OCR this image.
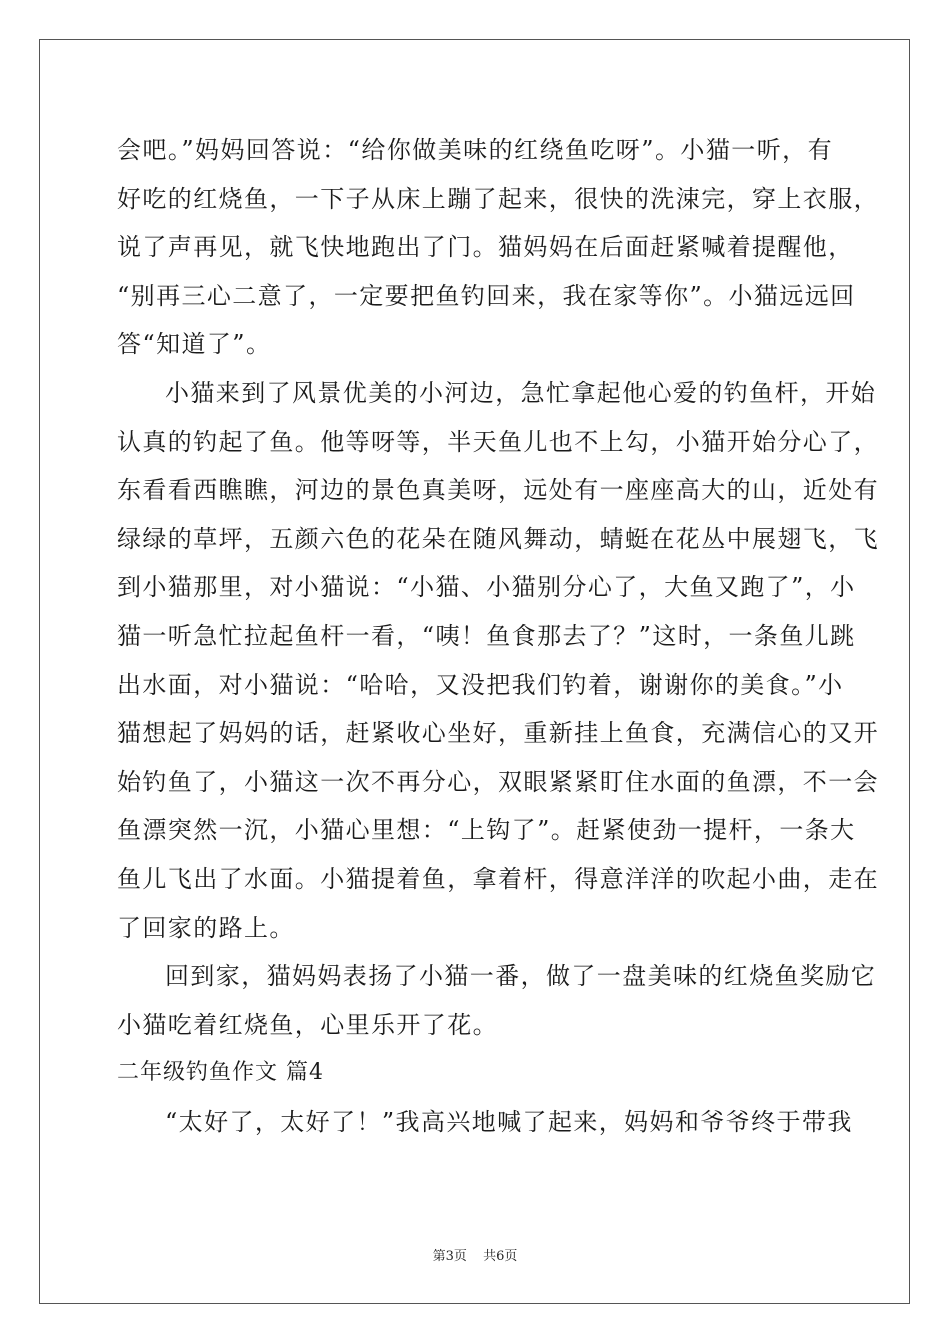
会吧。”妈妈回答说：“给你做美味的红绕鱼吃呀”。小猫一听，有
好吃的红烧鱼，一下子从床上蹦了起来，很快的洗涑完，穿上衣服，
说了声再见，就飞快地跑出了门。猫妈妈在后面赶紧喊着提醒他，
“别再三心二意了，一定要把鱼钓回来，我在家等你”。小猫远远回
答“知道了”。
小猫来到了风景优美的小河边，急忙拿起他心爱的钓鱼杆，开始
认真的钓起了鱼。他等呀等，半天鱼儿也不上勾，小猫开始分心了，
东看看西瞧瞧，河边的景色真美呀，远处有一座座高大的山，近处有
绿绿的草坪，五颜六色的花朵在随风舞动，蜻蜓在花丛中展翅飞，飞
到小猫那里，对小猫说：“小猫、小猫别分心了，大鱼又跑了”，小
猫一听急忙拉起鱼杆一看，“咦！鱼食那去了？”这时，一条鱼儿跳
出水面，对小猫说：“哈哈，又没把我们钓着，谢谢你的美食。”小
猫想起了妈妈的话，赶紧收心坐好，重新挂上鱼食，充满信心的又开
始钓鱼了，小猫这一次不再分心，双眼紧紧盯住水面的鱼漂，不一会
鱼漂突然一沉，小猫心里想：“上钩了”。赶紧使劲一提杆，一条大
鱼儿飞出了水面。小猫提着鱼，拿着杆，得意洋洋的吹起小曲，走在
了回家的路上。
回到家，猫妈妈表扬了小猫一番，做了一盘美味的红烧鱼奖励它
小猫吃着红烧鱼，心里乐开了花。
二年级钓鱼作文 篇4
“太好了，太好了！”我高兴地喊了起来，妈妈和爷爷终于带我
第3页 共6页
